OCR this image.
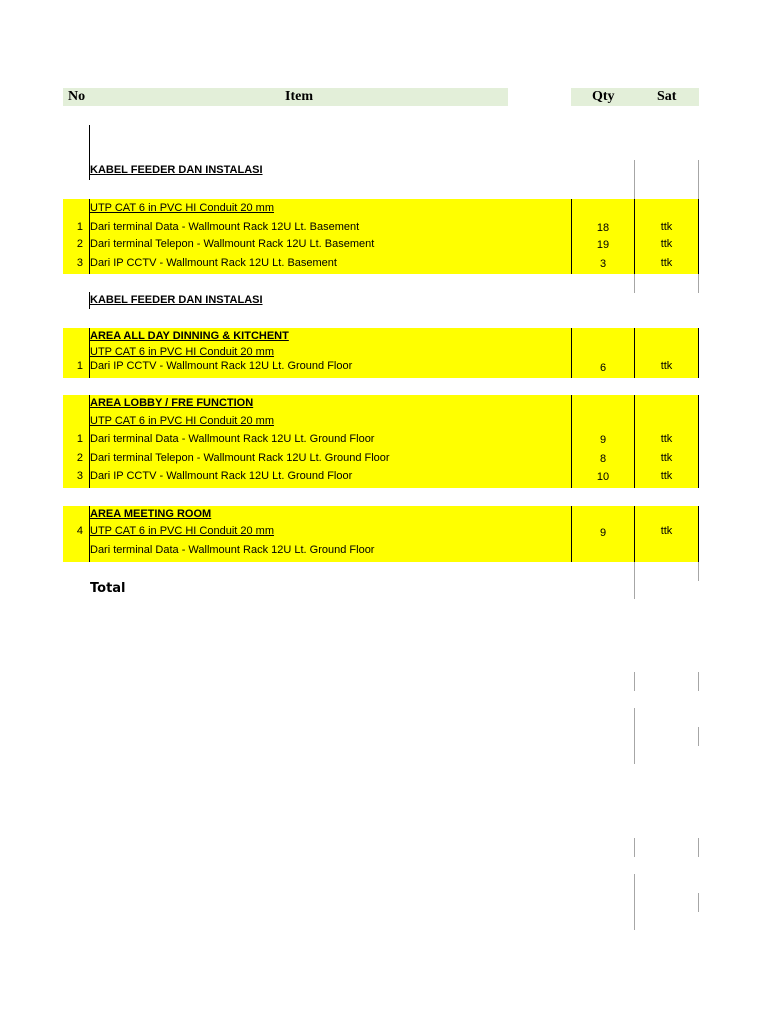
No	Item	Qty	Sat
KABEL FEEDER DAN INSTALASI
UTP CAT 6 in PVC HI Conduit 20 mm
1 Dari terminal Data - Wallmount Rack 12U Lt. Basement	18	ttk
2 Dari terminal Telepon - Wallmount Rack 12U Lt. Basement	19	ttk
3 Dari IP CCTV - Wallmount Rack 12U Lt. Basement	3	ttk
KABEL FEEDER DAN INSTALASI
AREA ALL DAY DINNING & KITCHENT
UTP CAT 6 in PVC HI Conduit 20 mm
1 Dari IP CCTV - Wallmount Rack 12U Lt. Ground Floor	6	ttk
AREA LOBBY / FRE FUNCTION
UTP CAT 6 in PVC HI Conduit 20 mm
1 Dari terminal Data - Wallmount Rack 12U Lt. Ground Floor	9	ttk
2 Dari terminal Telepon - Wallmount Rack 12U Lt. Ground Floor	8	ttk
3 Dari IP CCTV - Wallmount Rack 12U Lt. Ground Floor	10	ttk
AREA MEETING ROOM
4 UTP CAT 6 in PVC HI Conduit 20 mm	9	ttk
Dari terminal Data - Wallmount Rack 12U Lt. Ground Floor
Total
